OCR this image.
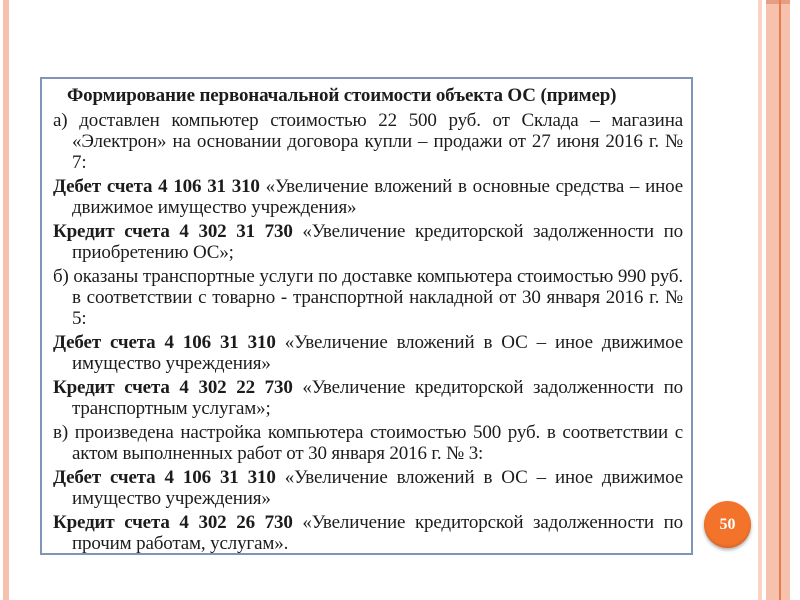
Формирование первоначальной стоимости объекта ОС (пример)

а) доставлен компьютер стоимостью 22 500 руб. от Склада – магазина «Электрон» на основании договора купли – продажи от 27 июня 2016 г. № 7:

Дебет счета 4 106 31 310 «Увеличение вложений в основные средства – иное движимое имущество учреждения»

Кредит счета 4 302 31 730 «Увеличение кредиторской задолженности по приобретению ОС»;

б) оказаны транспортные услуги по доставке компьютера стоимостью 990 руб. в соответствии с товарно - транспортной накладной от 30 января 2016 г. № 5:

Дебет счета 4 106 31 310 «Увеличение вложений в ОС – иное движимое имущество учреждения»

Кредит счета 4 302 22 730 «Увеличение кредиторской задолженности по транспортным услугам»;

в) произведена настройка компьютера стоимостью 500 руб. в соответствии с актом выполненных работ от 30 января 2016 г. № 3:

Дебет счета 4 106 31 310 «Увеличение вложений в ОС – иное движимое имущество учреждения»

Кредит счета 4 302 26 730 «Увеличение кредиторской задолженности по прочим работам, услугам».

50
